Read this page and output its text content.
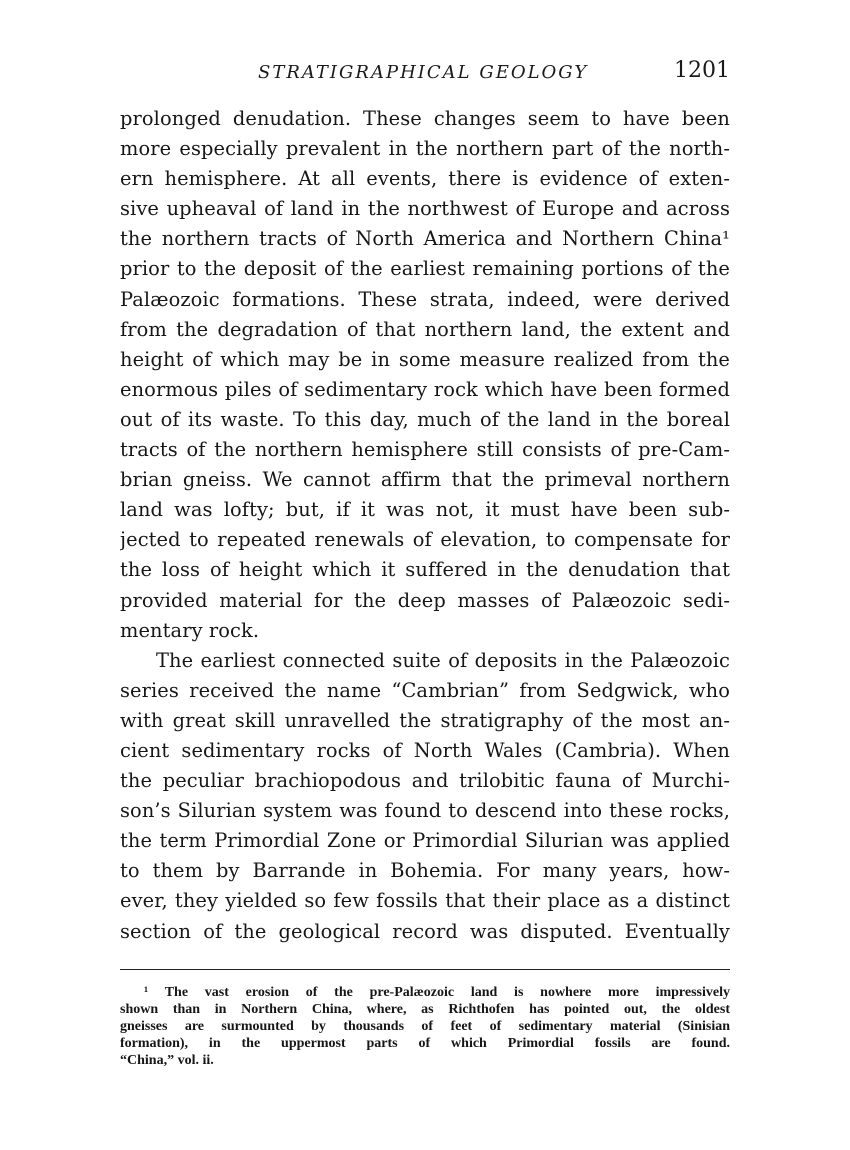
STRATIGRAPHICAL GEOLOGY	1201
prolonged denudation. These changes seem to have been
more especially prevalent in the northern part of the north-
ern hemisphere. At all events, there is evidence of exten-
sive upheaval of land in the northwest of Europe and across
the northern tracts of North America and Northern China¹
prior to the deposit of the earliest remaining portions of the
Palæozoic formations. These strata, indeed, were derived
from the degradation of that northern land, the extent and
height of which may be in some measure realized from the
enormous piles of sedimentary rock which have been formed
out of its waste. To this day, much of the land in the boreal
tracts of the northern hemisphere still consists of pre-Cam-
brian gneiss. We cannot affirm that the primeval northern
land was lofty; but, if it was not, it must have been sub-
jected to repeated renewals of elevation, to compensate for
the loss of height which it suffered in the denudation that
provided material for the deep masses of Palæozoic sedi-
mentary rock.
The earliest connected suite of deposits in the Palæozoic
series received the name “Cambrian” from Sedgwick, who
with great skill unravelled the stratigraphy of the most an-
cient sedimentary rocks of North Wales (Cambria). When
the peculiar brachiopodous and trilobitic fauna of Murchi-
son’s Silurian system was found to descend into these rocks,
the term Primordial Zone or Primordial Silurian was applied
to them by Barrande in Bohemia. For many years, how-
ever, they yielded so few fossils that their place as a distinct
section of the geological record was disputed. Eventually
¹ The vast erosion of the pre-Palæozoic land is nowhere more impressively
shown than in Northern China, where, as Richthofen has pointed out, the oldest
gneisses are surmounted by thousands of feet of sedimentary material (Sinisian
formation), in the uppermost parts of which Primordial fossils are found.
“China,” vol. ii.
